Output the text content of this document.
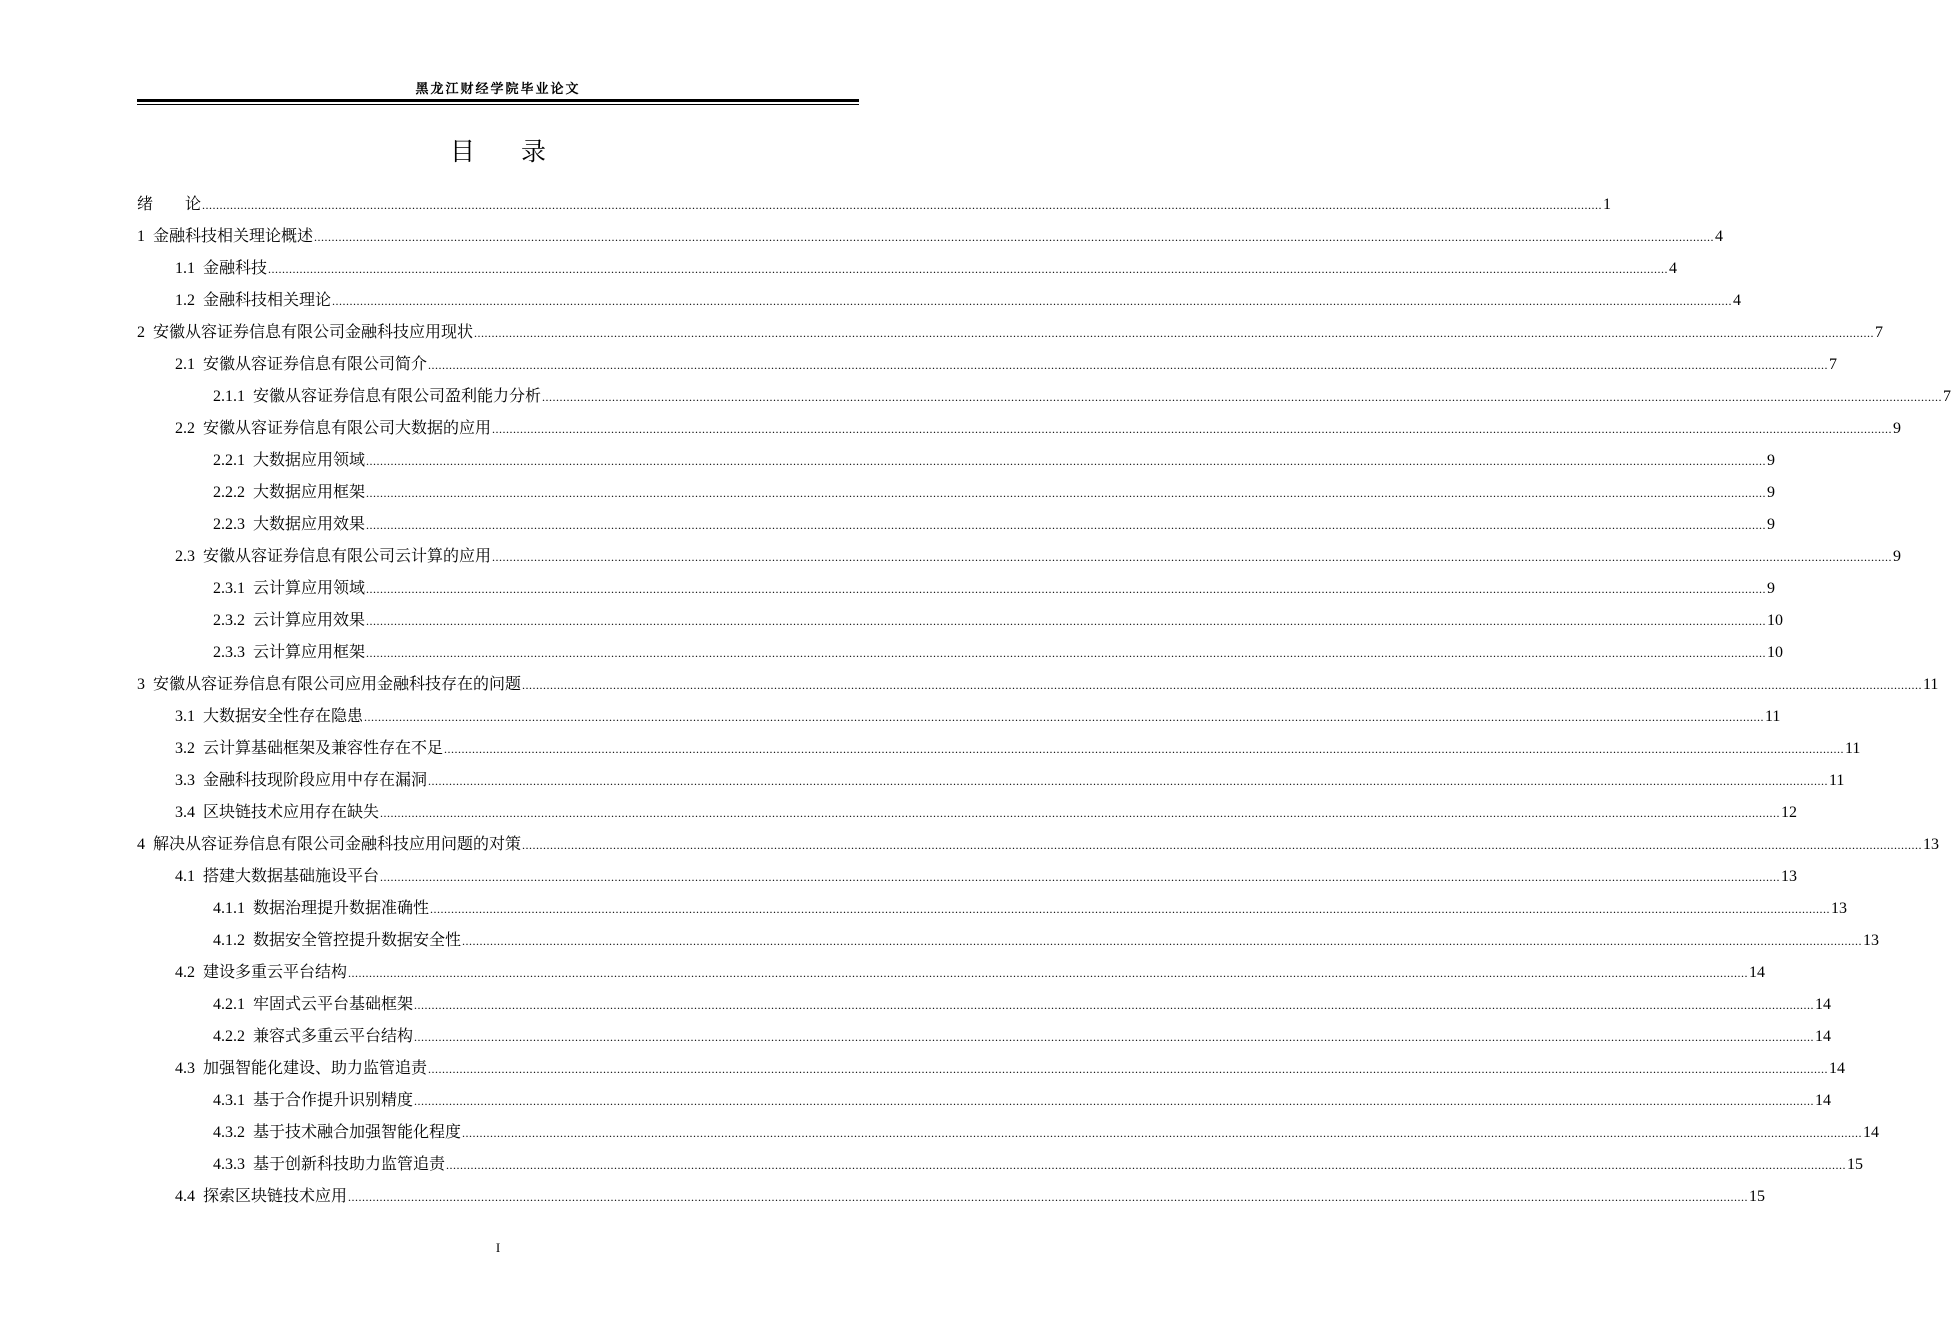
黑龙江财经学院毕业论文
目 录
绪　　论 ................................................................................................................................................................................................................................................................................................................................................................................................................ 1
1 金融科技相关理论概述 ................................................................................................................................................................................................................................................................................................................................................................................................................ 4
1.1 金融科技 ................................................................................................................................................................................................................................................................................................................................................................................................................ 4
1.2 金融科技相关理论 ................................................................................................................................................................................................................................................................................................................................................................................................................ 4
2 安徽从容证券信息有限公司金融科技应用现状 ................................................................................................................................................................................................................................................................................................................................................................................................................ 7
2.1 安徽从容证券信息有限公司简介 ................................................................................................................................................................................................................................................................................................................................................................................................................ 7
2.1.1 安徽从容证券信息有限公司盈利能力分析 ................................................................................................................................................................................................................................................................................................................................................................................................................ 7
2.2 安徽从容证券信息有限公司大数据的应用 ................................................................................................................................................................................................................................................................................................................................................................................................................ 9
2.2.1 大数据应用领域 ................................................................................................................................................................................................................................................................................................................................................................................................................ 9
2.2.2 大数据应用框架 ................................................................................................................................................................................................................................................................................................................................................................................................................ 9
2.2.3 大数据应用效果 ................................................................................................................................................................................................................................................................................................................................................................................................................ 9
2.3 安徽从容证券信息有限公司云计算的应用 ................................................................................................................................................................................................................................................................................................................................................................................................................ 9
2.3.1 云计算应用领域 ................................................................................................................................................................................................................................................................................................................................................................................................................ 9
2.3.2 云计算应用效果 ................................................................................................................................................................................................................................................................................................................................................................................................................ 10
2.3.3 云计算应用框架 ................................................................................................................................................................................................................................................................................................................................................................................................................ 10
3 安徽从容证券信息有限公司应用金融科技存在的问题 ................................................................................................................................................................................................................................................................................................................................................................................................................ 11
3.1 大数据安全性存在隐患 ................................................................................................................................................................................................................................................................................................................................................................................................................ 11
3.2 云计算基础框架及兼容性存在不足 ................................................................................................................................................................................................................................................................................................................................................................................................................ 11
3.3 金融科技现阶段应用中存在漏洞 ................................................................................................................................................................................................................................................................................................................................................................................................................ 11
3.4 区块链技术应用存在缺失 ................................................................................................................................................................................................................................................................................................................................................................................................................ 12
4 解决从容证券信息有限公司金融科技应用问题的对策 ................................................................................................................................................................................................................................................................................................................................................................................................................ 13
4.1 搭建大数据基础施设平台 ................................................................................................................................................................................................................................................................................................................................................................................................................ 13
4.1.1 数据治理提升数据准确性 ................................................................................................................................................................................................................................................................................................................................................................................................................ 13
4.1.2 数据安全管控提升数据安全性 ................................................................................................................................................................................................................................................................................................................................................................................................................ 13
4.2 建设多重云平台结构 ................................................................................................................................................................................................................................................................................................................................................................................................................ 14
4.2.1 牢固式云平台基础框架 ................................................................................................................................................................................................................................................................................................................................................................................................................ 14
4.2.2 兼容式多重云平台结构 ................................................................................................................................................................................................................................................................................................................................................................................................................ 14
4.3 加强智能化建设、助力监管追责 ................................................................................................................................................................................................................................................................................................................................................................................................................ 14
4.3.1 基于合作提升识别精度 ................................................................................................................................................................................................................................................................................................................................................................................................................ 14
4.3.2 基于技术融合加强智能化程度 ................................................................................................................................................................................................................................................................................................................................................................................................................ 14
4.3.3 基于创新科技助力监管追责 ................................................................................................................................................................................................................................................................................................................................................................................................................ 15
4.4 探索区块链技术应用 ................................................................................................................................................................................................................................................................................................................................................................................................................ 15
I
